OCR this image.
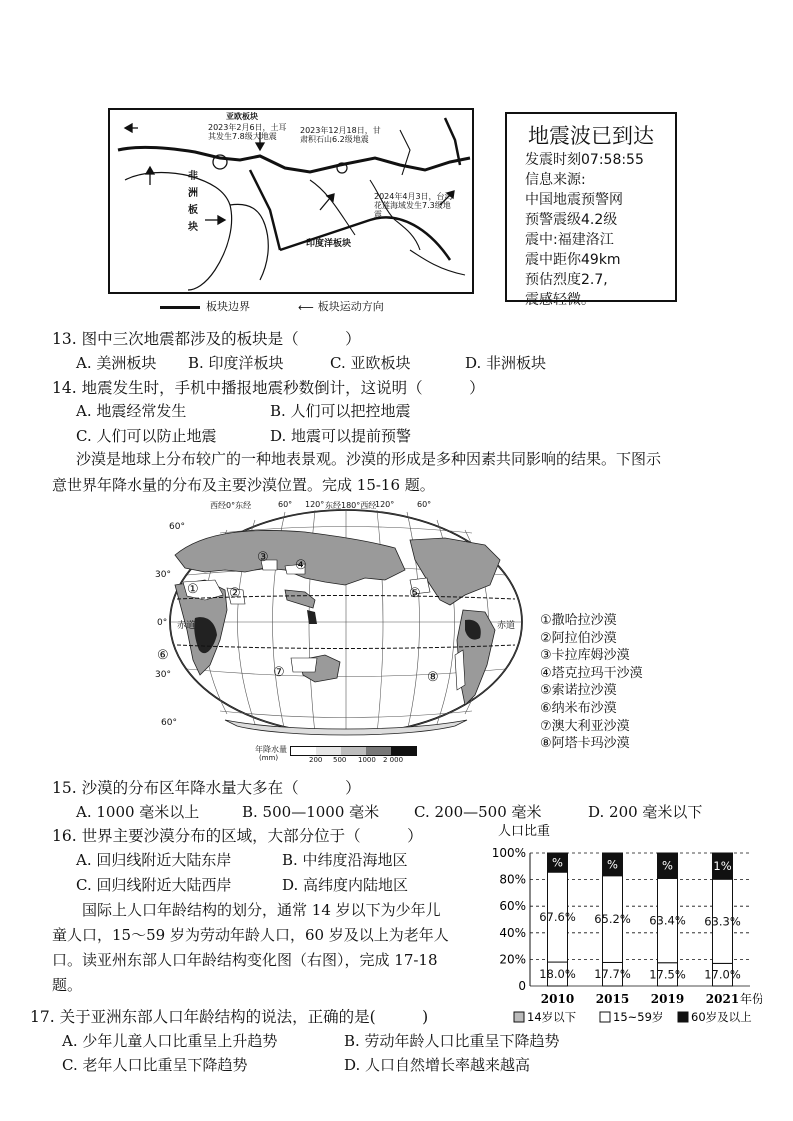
亚欧板块
2023年2月6日，土耳其发生7.8级大地震
2023年12月18日，甘肃积石山6.2级地震
2024年4月3日，台湾花莲海域发生7.3级地震
非洲板块
印度洋板块
板块边界	⟵ 板块运动方向
地震波已到达
发震时刻07:58:55
信息来源:
中国地震预警网
预警震级4.2级
震中:福建洛江
震中距你49km
预估烈度2.7,
震感轻微。
13. 图中三次地震都涉及的板块是（　　　）
A. 美洲板块 B. 印度洋板块	C. 亚欧板块	D. 非洲板块
14. 地震发生时，手机中播报地震秒数倒计，这说明（　　　）
A. 地震经常发生	B. 人们可以把控地震
C. 人们可以防止地震	D. 地震可以提前预警
沙漠是地球上分布较广的一种地表景观。沙漠的形成是多种因素共同影响的结果。下图示
意世界年降水量的分布及主要沙漠位置。完成 15-16 题。
西经0°东经	60° 120° 东经180°西经
120°	60°
60°
30°
0°
30°
60°
赤道	赤道
① ②
③
④
⑤
⑥
⑦	⑧
年降水量
(mm)	200 500 1000 2 000
①撒哈拉沙漠
②阿拉伯沙漠
③卡拉库姆沙漠
④塔克拉玛干沙漠
⑤索诺拉沙漠
⑥纳米布沙漠
⑦澳大利亚沙漠
⑧阿塔卡玛沙漠
15. 沙漠的分布区年降水量大多在（　　　）
A. 1000 毫米以上	B. 500—1000 毫米 C. 200—500 毫米	D. 200 毫米以下
16. 世界主要沙漠分布的区域，大部分位于（　　　）
A. 回归线附近大陆东岸	B. 中纬度沿海地区
C. 回归线附近大陆西岸	D. 高纬度内陆地区
　　国际上人口年龄结构的划分，通常 14 岁以下为少年儿
童人口，15～59 岁为劳动年龄人口，60 岁及以上为老年人
口。读亚州东部人口年龄结构变化图（右图），完成 17-18
题。
人口比重
0
20%
40%
60%
80%
100%
18.0%
67.6%
%
2010
17.7%
65.2%
%
2015
17.5%
63.4%
%
2019
17.0%
63.3%
1%
2021 年份
14岁以下	15~59岁 60岁及以上
17. 关于亚洲东部人口年龄结构的说法，正确的是(　　　)
A. 少年儿童人口比重呈上升趋势	B. 劳动年龄人口比重呈下降趋势
C. 老年人口比重呈下降趋势	D. 人口自然增长率越来越高
